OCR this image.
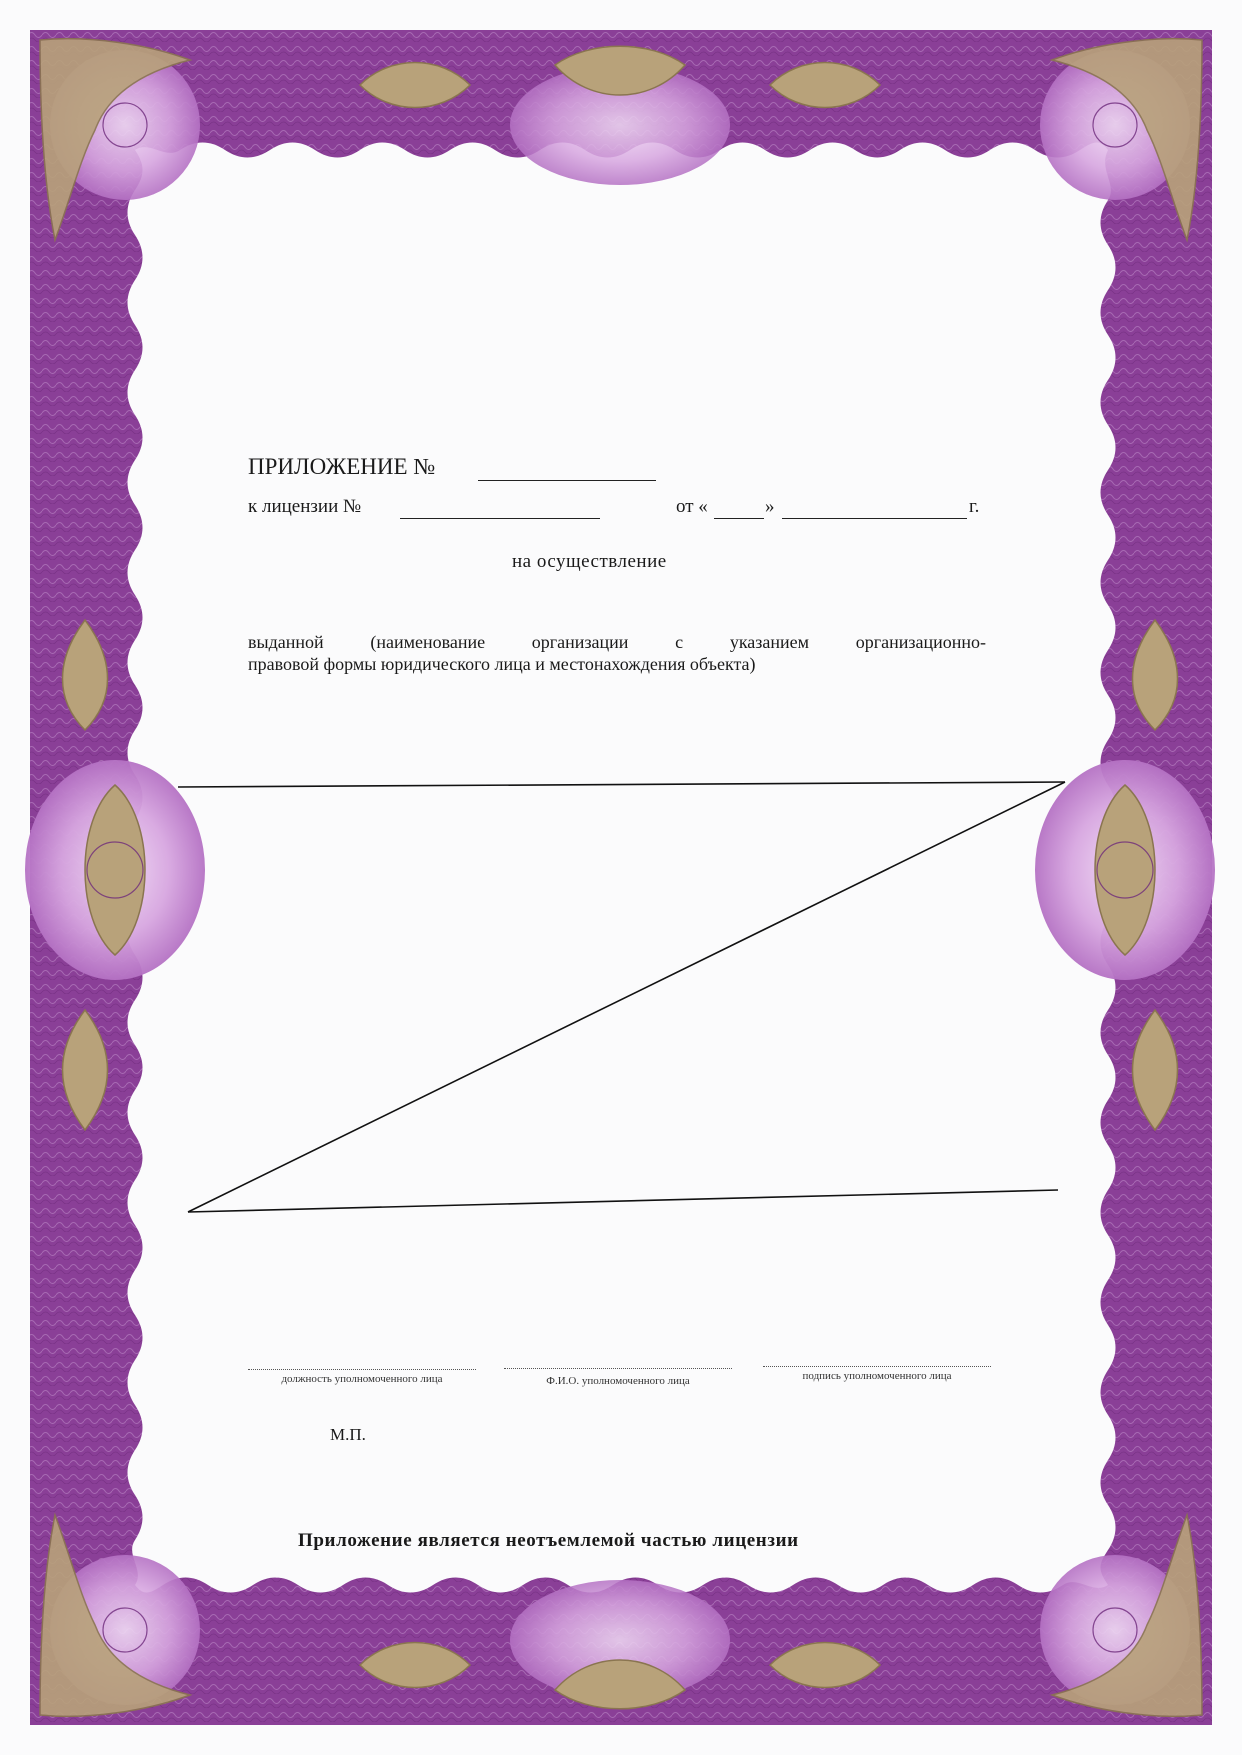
ПРИЛОЖЕНИЕ №
к лицензии №	от «	»	г.
на осуществление
выданной (наименование организации с указанием организационно-
правовой формы юридического лица и местонахождения объекта)
должность уполномоченного лица	Ф.И.О. уполномоченного лица	подпись уполномоченного лица
М.П.
Приложение является неотъемлемой частью лицензии
